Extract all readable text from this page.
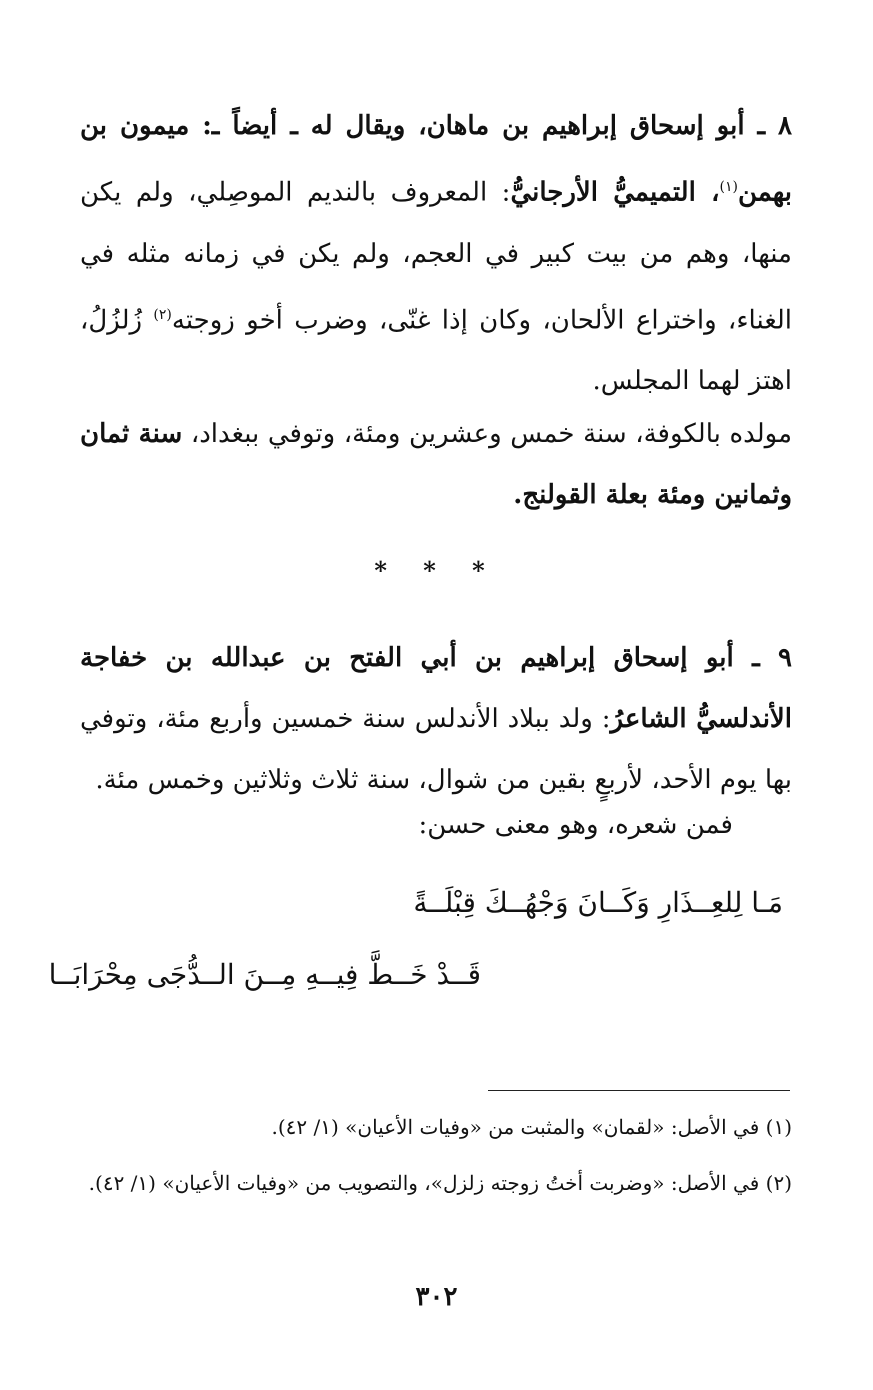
٨ ـ أبو إسحاق إبراهيم بن ماهان، ويقال له ـ أيضاً ـ: ميمون بن بهمن$^{(١)}$، التميميُّ الأرجانيُّ: المعروف بالنديم الموصِلي، ولم يكن منها، وهم من بيت كبير في العجم، ولم يكن في زمانه مثله في الغناء، واختراع الألحان، وكان إذا غنّى، وضرب أخو زوجته$^{(٢)}$ زُلزُلُ، اهتز لهما المجلس.
مولده بالكوفة، سنة خمس وعشرين ومئة، وتوفي ببغداد، سنة ثمان وثمانين ومئة بعلة القولنج.
* * *
٩ ـ أبو إسحاق إبراهيم بن أبي الفتح بن عبدالله بن خفاجة الأندلسيُّ الشاعرُ: ولد ببلاد الأندلس سنة خمسين وأربع مئة، وتوفي بها يوم الأحد، لأربعٍ بقين من شوال، سنة ثلاث وثلاثين وخمس مئة.
فمن شعره، وهو معنى حسن:
مَـا لِلعِــذَارِ وَكَــانَ وَجْهُــكَ قِبْلَــةً
قَــدْ خَــطَّ فِيــهِ مِــنَ الــدُّجَى مِحْرَابَــا
(١) في الأصل: «لقمان» والمثبت من «وفيات الأعيان» (١/ ٤٢).
(٢) في الأصل: «وضربت أختُ زوجته زلزل»، والتصويب من «وفيات الأعيان» (١/ ٤٢).
٣٠٢
